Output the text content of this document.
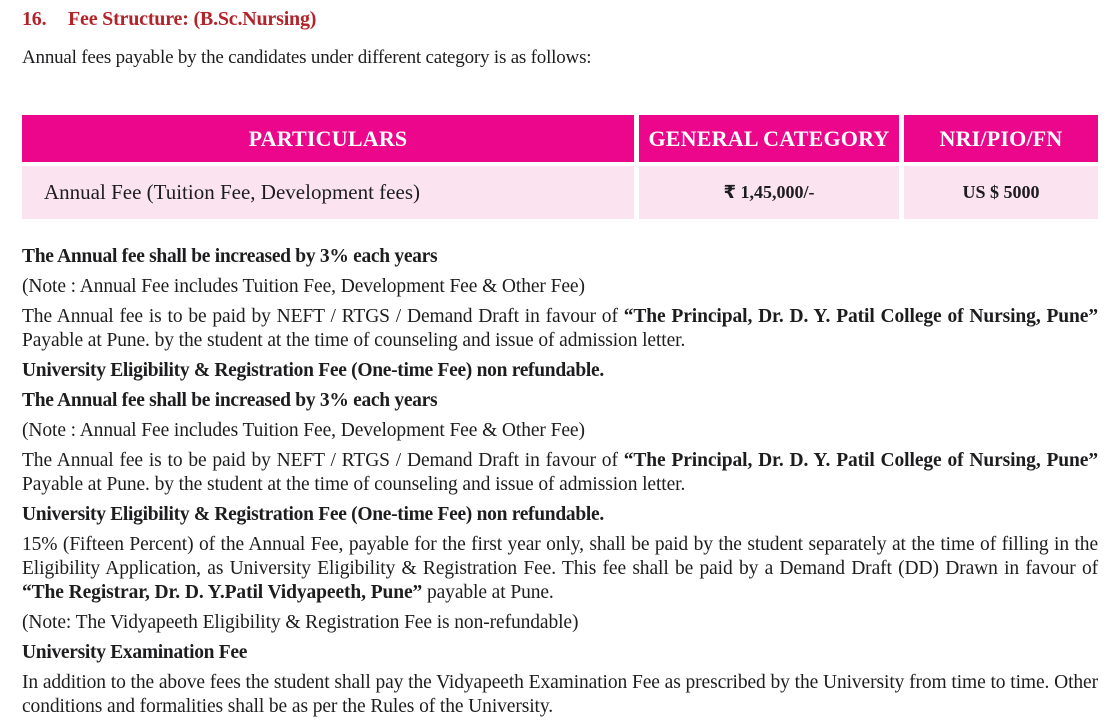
16. Fee Structure: (B.Sc.Nursing)

Annual fees payable by the candidates under different category is as follows:

PARTICULARS	GENERAL CATEGORY	NRI/PIO/FN
Annual Fee (Tuition Fee, Development fees)	₹ 1,45,000/-	US $ 5000

The Annual fee shall be increased by 3% each years

(Note : Annual Fee includes Tuition Fee, Development Fee & Other Fee)

The Annual fee is to be paid by NEFT / RTGS / Demand Draft in favour of “The Principal, Dr. D. Y. Patil College of Nursing, Pune” Payable at Pune. by the student at the time of counseling and issue of admission letter.

University Eligibility & Registration Fee (One-time Fee) non refundable.

The Annual fee shall be increased by 3% each years

(Note : Annual Fee includes Tuition Fee, Development Fee & Other Fee)

The Annual fee is to be paid by NEFT / RTGS / Demand Draft in favour of “The Principal, Dr. D. Y. Patil College of Nursing, Pune” Payable at Pune. by the student at the time of counseling and issue of admission letter.

University Eligibility & Registration Fee (One-time Fee) non refundable.

15% (Fifteen Percent) of the Annual Fee, payable for the first year only, shall be paid by the student separately at the time of filling in the Eligibility Application, as University Eligibility & Registration Fee. This fee shall be paid by a Demand Draft (DD) Drawn in favour of “The Registrar, Dr. D. Y.Patil Vidyapeeth, Pune” payable at Pune.

(Note: The Vidyapeeth Eligibility & Registration Fee is non-refundable)

University Examination Fee

In addition to the above fees the student shall pay the Vidyapeeth Examination Fee as prescribed by the University from time to time. Other conditions and formalities shall be as per the Rules of the University.
